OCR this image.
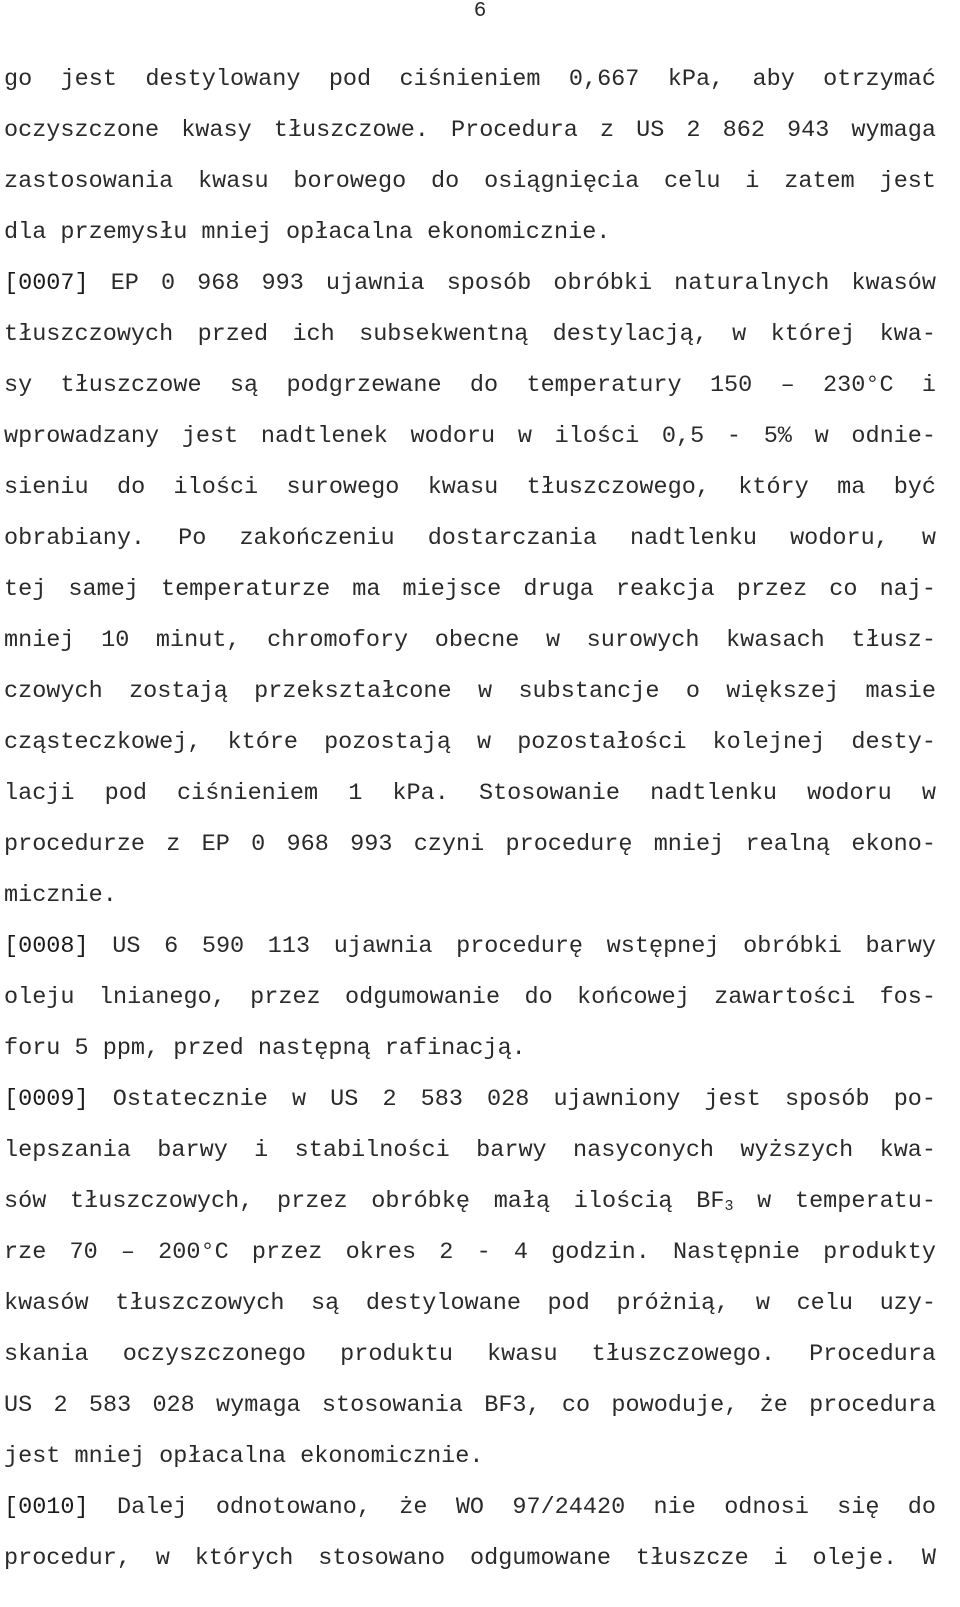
6
go jest destylowany pod ciśnieniem 0,667 kPa, aby otrzymać
oczyszczone kwasy tłuszczowe. Procedura z US 2 862 943 wymaga
zastosowania kwasu borowego do osiągnięcia celu i zatem jest
dla przemysłu mniej opłacalna ekonomicznie.
[0007] EP 0 968 993 ujawnia sposób obróbki naturalnych kwasów
tłuszczowych przed ich subsekwentną destylacją, w której kwa-
sy tłuszczowe są podgrzewane do temperatury 150 – 230°C i
wprowadzany jest nadtlenek wodoru w ilości 0,5 - 5% w odnie-
sieniu do ilości surowego kwasu tłuszczowego, który ma być
obrabiany. Po zakończeniu dostarczania nadtlenku wodoru, w
tej samej temperaturze ma miejsce druga reakcja przez co naj-
mniej 10 minut, chromofory obecne w surowych kwasach tłusz-
czowych zostają przekształcone w substancje o większej masie
cząsteczkowej, które pozostają w pozostałości kolejnej desty-
lacji pod ciśnieniem 1 kPa. Stosowanie nadtlenku wodoru w
procedurze z EP 0 968 993 czyni procedurę mniej realną ekono-
micznie.
[0008] US 6 590 113 ujawnia procedurę wstępnej obróbki barwy
oleju lnianego, przez odgumowanie do końcowej zawartości fos-
foru 5 ppm, przed następną rafinacją.
[0009] Ostatecznie w US 2 583 028 ujawniony jest sposób po-
lepszania barwy i stabilności barwy nasyconych wyższych kwa-
sów tłuszczowych, przez obróbkę małą ilością $BF_3$ w temperatu-
rze 70 – 200°C przez okres 2 - 4 godzin. Następnie produkty
kwasów tłuszczowych są destylowane pod próżnią, w celu uzy-
skania oczyszczonego produktu kwasu tłuszczowego. Procedura
US 2 583 028 wymaga stosowania BF3, co powoduje, że procedura
jest mniej opłacalna ekonomicznie.
[0010] Dalej odnotowano, że WO 97/24420 nie odnosi się do
procedur, w których stosowano odgumowane tłuszcze i oleje. W
